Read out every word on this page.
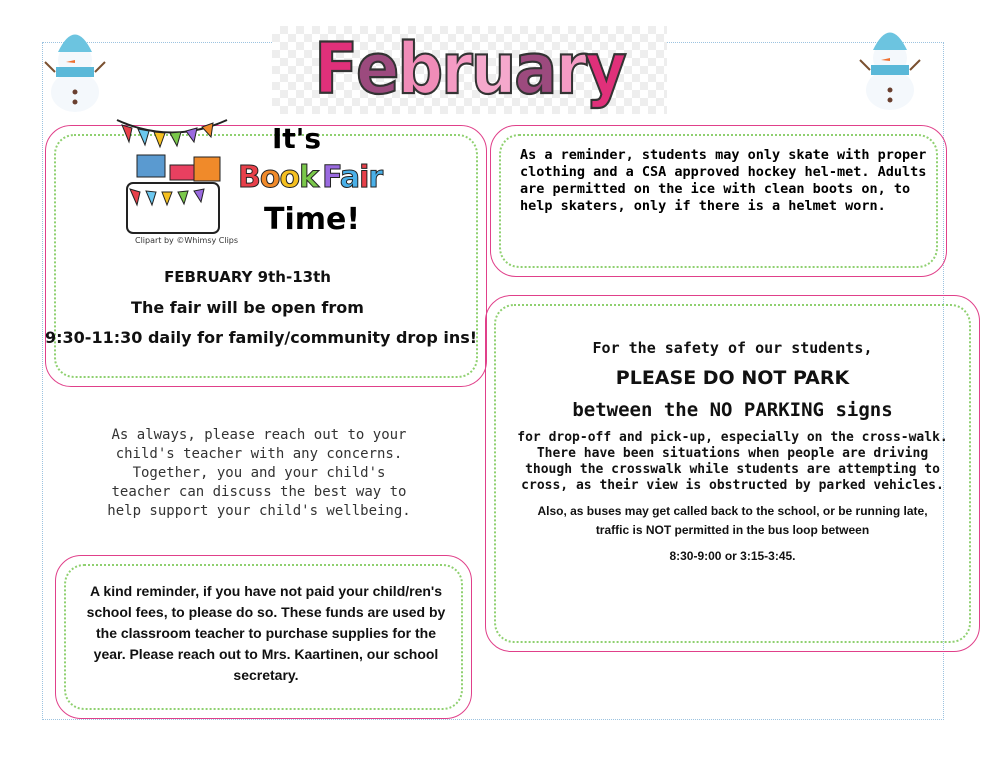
F e b r u a r y
Clipart by ©Whimsy Clips
It's
Book Fair
Time!
FEBRUARY 9th-13th
The fair will be open from
9:30-11:30 daily for family/community drop ins!
As always, please reach out to your child's teacher with any concerns. Together, you and your child's teacher can discuss the best way to help support your child's wellbeing.
A kind reminder, if you have not paid your child/ren's school fees, to please do so. These funds are used by the classroom teacher to purchase supplies for the year. Please reach out to Mrs. Kaartinen, our school secretary.
As a reminder, students may only skate with proper clothing and a CSA approved hockey hel-met. Adults are permitted on the ice with clean boots on, to help skaters, only if there is a helmet worn.
For the safety of our students,
PLEASE DO NOT PARK
between the NO PARKING signs
for drop-off and pick-up, especially on the cross-walk. There have been situations when people are driving though the crosswalk while students are attempting to cross, as their view is obstructed by parked vehicles.
Also, as buses may get called back to the school, or be running late, traffic is NOT permitted in the bus loop between
8:30-9:00 or 3:15-3:45.
